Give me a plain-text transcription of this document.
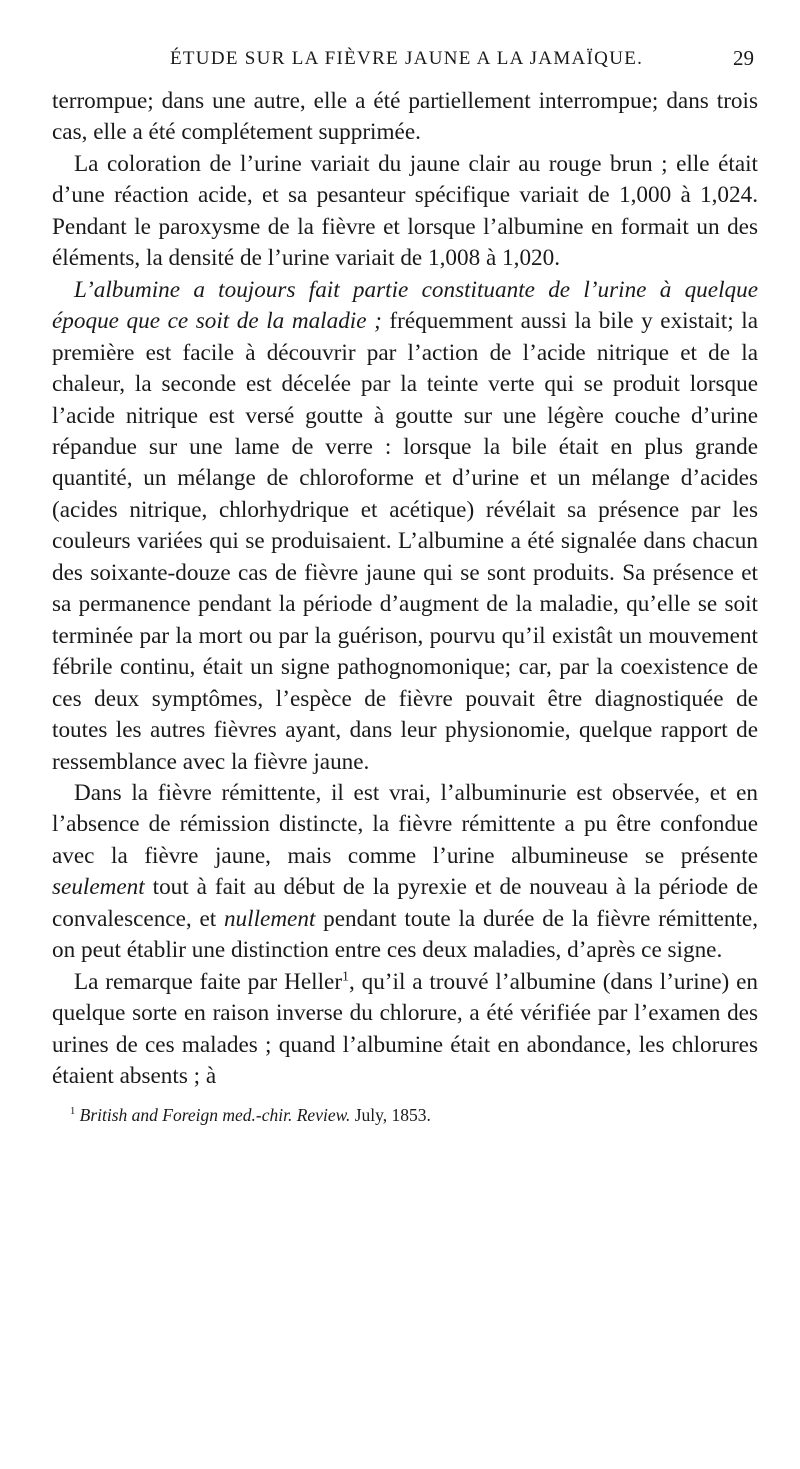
ÉTUDE SUR LA FIÈVRE JAUNE A LA JAMAÏQUE.	29

terrompue; dans une autre, elle a été partiellement interrompue; dans trois cas, elle a été complétement supprimée.

La coloration de l’urine variait du jaune clair au rouge brun ; elle était d’une réaction acide, et sa pesanteur spécifique variait de 1,000 à 1,024. Pendant le paroxysme de la fièvre et lorsque l’albumine en formait un des éléments, la densité de l’urine variait de 1,008 à 1,020.

L’albumine a toujours fait partie constituante de l’urine à quelque époque que ce soit de la maladie ; fréquemment aussi la bile y existait; la première est facile à découvrir par l’action de l’acide nitrique et de la chaleur, la seconde est décelée par la teinte verte qui se produit lorsque l’acide nitrique est versé goutte à goutte sur une légère couche d’urine répandue sur une lame de verre : lorsque la bile était en plus grande quantité, un mélange de chloroforme et d’urine et un mélange d’acides (acides nitrique, chlorhydrique et acétique) révélait sa présence par les couleurs variées qui se produisaient. L’albumine a été signalée dans chacun des soixante-douze cas de fièvre jaune qui se sont produits. Sa présence et sa permanence pendant la période d’augment de la maladie, qu’elle se soit terminée par la mort ou par la guérison, pourvu qu’il existât un mouvement fébrile continu, était un signe pathognomonique; car, par la coexistence de ces deux symptômes, l’espèce de fièvre pouvait être diagnostiquée de toutes les autres fièvres ayant, dans leur physionomie, quelque rapport de ressemblance avec la fièvre jaune.

Dans la fièvre rémittente, il est vrai, l’albuminurie est observée, et en l’absence de rémission distincte, la fièvre rémittente a pu être confondue avec la fièvre jaune, mais comme l’urine albumineuse se présente seulement tout à fait au début de la pyrexie et de nouveau à la période de convalescence, et nullement pendant toute la durée de la fièvre rémittente, on peut établir une distinction entre ces deux maladies, d’après ce signe.

La remarque faite par Heller$^1$, qu’il a trouvé l’albumine (dans l’urine) en quelque sorte en raison inverse du chlorure, a été vérifiée par l’examen des urines de ces malades ; quand l’albumine était en abondance, les chlorures étaient absents ; à

$^1$ British and Foreign med.-chir. Review. July, 1853.
